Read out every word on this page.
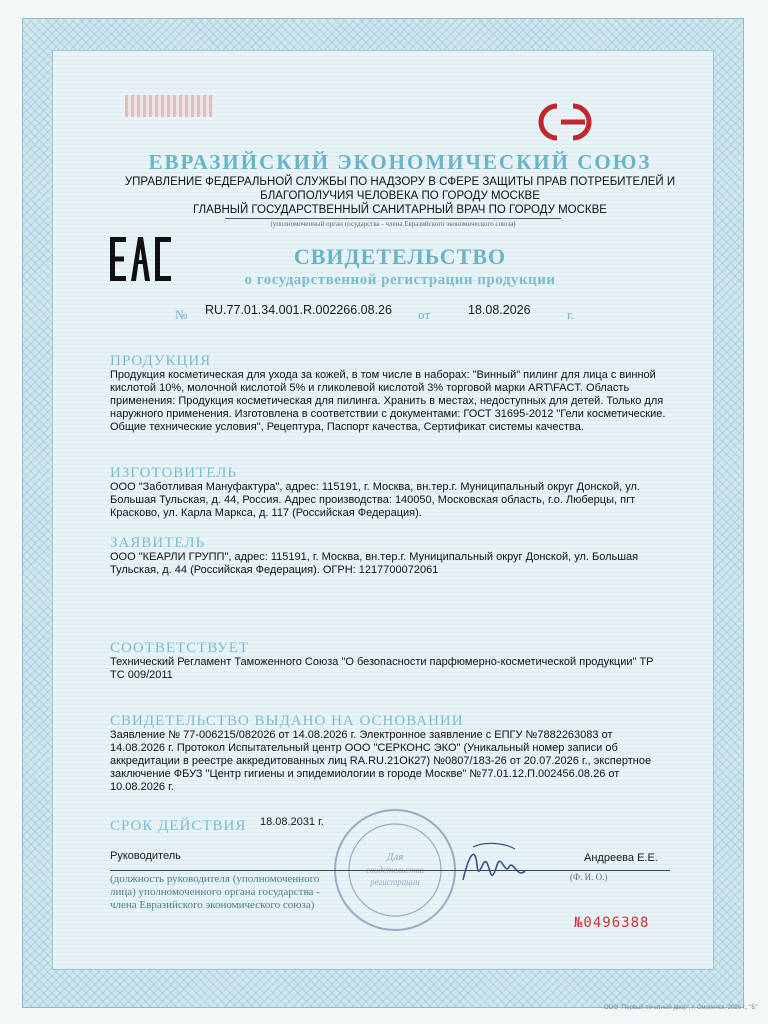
ЕВРАЗИЙСКИЙ ЭКОНОМИЧЕСКИЙ СОЮЗ
УПРАВЛЕНИЕ ФЕДЕРАЛЬНОЙ СЛУЖБЫ ПО НАДЗОРУ В СФЕРЕ ЗАЩИТЫ ПРАВ ПОТРЕБИТЕЛЕЙ И
БЛАГОПОЛУЧИЯ ЧЕЛОВЕКА ПО ГОРОДУ МОСКВЕ
ГЛАВНЫЙ ГОСУДАРСТВЕННЫЙ САНИТАРНЫЙ ВРАЧ ПО ГОРОДУ МОСКВЕ
(уполномоченный орган государства - члена Евразийского экономического союза)
СВИДЕТЕЛЬСТВО
о государственной регистрации продукции
№ RU.77.01.34.001.R.002266.08.26 от	18.08.2026	г.
ПРОДУКЦИЯ
Продукция косметическая для ухода за кожей, в том числе в наборах: "Винный" пилинг для лица с винной кислотой 10%, молочной кислотой 5% и гликолевой кислотой 3% торговой марки ART\FACT. Область применения: Продукция косметическая для пилинга. Хранить в местах, недоступных для детей. Только для наружного применения. Изготовлена в соответствии с документами: ГОСТ 31695-2012 "Гели косметические. Общие технические условия", Рецептура, Паспорт качества, Сертификат системы качества.
ИЗГОТОВИТЕЛЬ
ООО "Заботливая Мануфактура", адрес: 115191, г. Москва, вн.тер.г. Муниципальный округ Донской, ул. Большая Тульская, д. 44, Россия. Адрес производства: 140050, Московская область, г.о. Люберцы, пгт Красково, ул. Карла Маркса, д. 117 (Российская Федерация).
ЗАЯВИТЕЛЬ
ООО "КЕАРЛИ ГРУПП", адрес: 115191, г. Москва, вн.тер.г. Муниципальный округ Донской, ул. Большая Тульская, д. 44 (Российская Федерация). ОГРН: 1217700072061
СООТВЕТСТВУЕТ
Технический Регламент Таможенного Союза "О безопасности парфюмерно-косметической продукции" ТР ТС 009/2011
СВИДЕТЕЛЬСТВО ВЫДАНО НА ОСНОВАНИИ
Заявление № 77-006215/082026 от 14.08.2026 г. Электронное заявление с ЕПГУ №7882263083 от 14.08.2026 г. Протокол Испытательный центр ООО "СЕРКОНС ЭКО" (Уникальный номер записи об аккредитации в реестре аккредитованных лиц RA.RU.21ОК27) №0807/183-26 от 20.07.2026 г., экспертное заключение ФБУЗ "Центр гигиены и эпидемиологии в городе Москве" №77.01.12.П.002456.08.26 от 10.08.2026 г.
СРОК ДЕЙСТВИЯ 18.08.2031 г.
Для
свидетельства
регистрации
Руководитель	Андреева Е.Е.
(Ф. И. О.)
(должность руководителя (уполномоченного
лица) уполномоченного органа государства -
члена Евразийского экономического союза)
№0496388
ООО "Первый печатный двор", г. Смоленск, 2025 г., "Б"
